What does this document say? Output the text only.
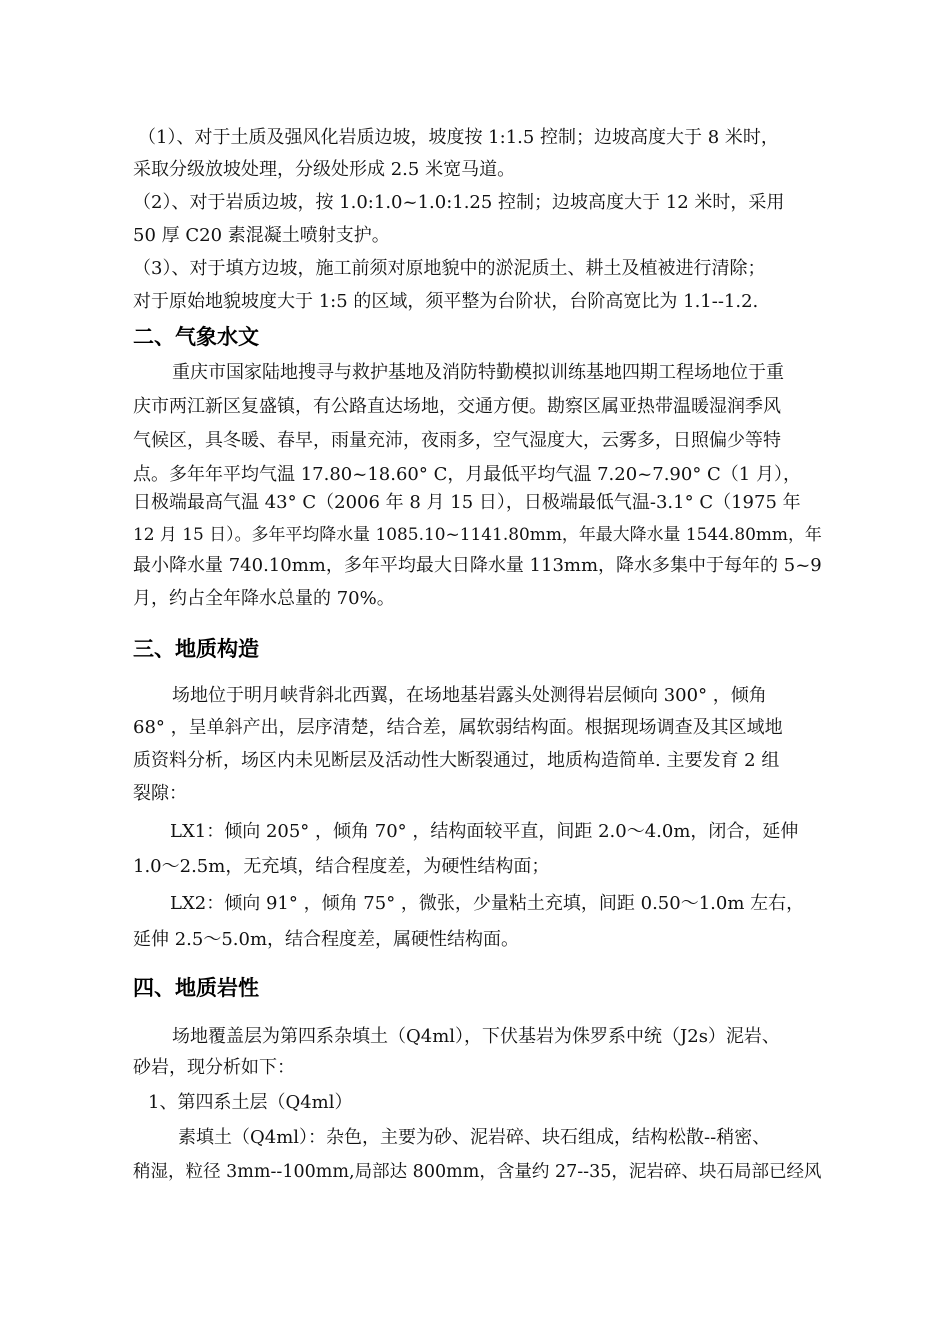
（1）、对于土质及强风化岩质边坡，坡度按 1:1.5 控制；边坡高度大于 8 米时，
采取分级放坡处理，分级处形成 2.5 米宽马道。
（2）、对于岩质边坡，按 1.0:1.0~1.0:1.25 控制；边坡高度大于 12 米时，采用
50 厚 C20 素混凝土喷射支护。
（3）、对于填方边坡，施工前须对原地貌中的淤泥质土、耕土及植被进行清除；
对于原始地貌坡度大于 1:5 的区域，须平整为台阶状，台阶高宽比为 1.1--1.2.
二、气象水文
重庆市国家陆地搜寻与救护基地及消防特勤模拟训练基地四期工程场地位于重
庆市两江新区复盛镇，有公路直达场地，交通方便。勘察区属亚热带温暖湿润季风
气候区，具冬暖、春早，雨量充沛，夜雨多，空气湿度大，云雾多，日照偏少等特
点。多年年平均气温 17.80~18.60° C，月最低平均气温 7.20~7.90° C（1 月），
日极端最高气温 43° C（2006 年 8 月 15 日），日极端最低气温-3.1° C（1975 年
12 月 15 日）。多年平均降水量 1085.10~1141.80mm，年最大降水量 1544.80mm，年
最小降水量 740.10mm，多年平均最大日降水量 113mm，降水多集中于每年的 5~9
月，约占全年降水总量的 70%。
三、地质构造
场地位于明月峡背斜北西翼，在场地基岩露头处测得岩层倾向 300° ，倾角
68° ，呈单斜产出，层序清楚，结合差，属软弱结构面。根据现场调查及其区域地
质资料分析，场区内未见断层及活动性大断裂通过，地质构造简单. 主要发育 2 组
裂隙：
LX1：倾向 205° ，倾角 70° ，结构面较平直，间距 2.0～4.0m，闭合，延伸
1.0～2.5m，无充填，结合程度差，为硬性结构面；
LX2：倾向 91° ，倾角 75° ，微张，少量粘土充填，间距 0.50～1.0m 左右，
延伸 2.5～5.0m，结合程度差，属硬性结构面。
四、地质岩性
场地覆盖层为第四系杂填土（Q4ml），下伏基岩为侏罗系中统（J2s）泥岩、
砂岩，现分析如下：
1、第四系土层（Q4ml）
素填土（Q4ml）：杂色，主要为砂、泥岩碎、块石组成，结构松散--稍密、
稍湿，粒径 3mm--100mm,局部达 800mm，含量约 27--35，泥岩碎、块石局部已经风
